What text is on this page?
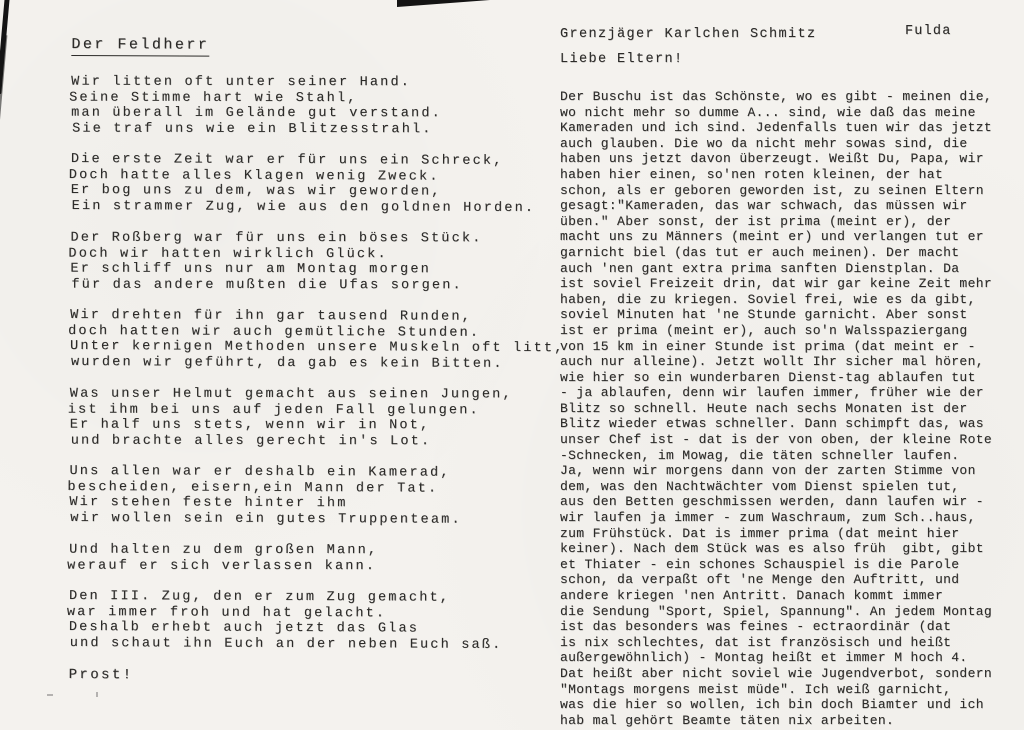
Der Feldherr
Wir litten oft unter seiner Hand.
Seine Stimme hart wie Stahl,
man überall im Gelände gut verstand.
Sie traf uns wie ein Blitzesstrahl.
Die erste Zeit war er für uns ein Schreck,
Doch hatte alles Klagen wenig Zweck.
Er bog uns zu dem, was wir geworden,
Ein strammer Zug, wie aus den goldnen Horden.
Der Roßberg war für uns ein böses Stück.
Doch wir hatten wirklich Glück.
Er schliff uns nur am Montag morgen
für das andere mußten die Ufas sorgen.
Wir drehten für ihn gar tausend Runden,
doch hatten wir auch gemütliche Stunden.
Unter kernigen Methoden unsere Muskeln oft litt,
wurden wir geführt, da gab es kein Bitten.
Was unser Helmut gemacht aus seinen Jungen,
ist ihm bei uns auf jeden Fall gelungen.
Er half uns stets, wenn wir in Not,
und brachte alles gerecht in's Lot.
Uns allen war er deshalb ein Kamerad,
bescheiden, eisern,ein Mann der Tat.
Wir stehen feste hinter ihm
wir wollen sein ein gutes Truppenteam.
Und halten zu dem großen Mann,
werauf er sich verlassen kann.
Den III. Zug, den er zum Zug gemacht,
war immer froh und hat gelacht.
Deshalb erhebt auch jetzt das Glas
und schaut ihn Euch an der neben Euch saß.
Prost!
Grenzjäger Karlchen Schmitz	Fulda
Liebe Eltern!
Der Buschu ist das Schönste, wo es gibt - meinen die,
wo nicht mehr so dumme A... sind, wie daß das meine
Kameraden und ich sind. Jedenfalls tuen wir das jetzt
auch glauben. Die wo da nicht mehr sowas sind, die
haben uns jetzt davon überzeugt. Weißt Du, Papa, wir
haben hier einen, so'nen roten kleinen, der hat
schon, als er geboren geworden ist, zu seinen Eltern
gesagt:"Kameraden, das war schwach, das müssen wir
üben." Aber sonst, der ist prima (meint er), der
macht uns zu Männers (meint er) und verlangen tut er
garnicht biel (das tut er auch meinen). Der macht
auch 'nen gant extra prima sanften Dienstplan. Da
ist soviel Freizeit drin, dat wir gar keine Zeit mehr
haben, die zu kriegen. Soviel frei, wie es da gibt,
soviel Minuten hat 'ne Stunde garnicht. Aber sonst
ist er prima (meint er), auch so'n Walsspaziergang
von 15 km in einer Stunde ist prima (dat meint er -
auch nur alleine). Jetzt wollt Ihr sicher mal hören,
wie hier so ein wunderbaren Dienst-tag ablaufen tut
- ja ablaufen, denn wir laufen immer, früher wie der
Blitz so schnell. Heute nach sechs Monaten ist der
Blitz wieder etwas schneller. Dann schimpft das, was
unser Chef ist - dat is der von oben, der kleine Rote
-Schnecken, im Mowag, die täten schneller laufen.
Ja, wenn wir morgens dann von der zarten Stimme von
dem, was den Nachtwächter vom Dienst spielen tut,
aus den Betten geschmissen werden, dann laufen wir -
wir laufen ja immer - zum Waschraum, zum Sch..haus,
zum Frühstück. Dat is immer prima (dat meint hier
keiner). Nach dem Stück was es also früh  gibt, gibt
et Thiater - ein schones Schauspiel is die Parole
schon, da verpaßt oft 'ne Menge den Auftritt, und
andere kriegen 'nen Antritt. Danach kommt immer
die Sendung "Sport, Spiel, Spannung". An jedem Montag
ist das besonders was feines - ectraordinär (dat
is nix schlechtes, dat ist französisch und heißt
außergewöhnlich) - Montag heißt et immer M hoch 4.
Dat heißt aber nicht soviel wie Jugendverbot, sondern
"Montags morgens meist müde". Ich weiß garnicht,
was die hier so wollen, ich bin doch Biamter und ich
hab mal gehört Beamte täten nix arbeiten.
